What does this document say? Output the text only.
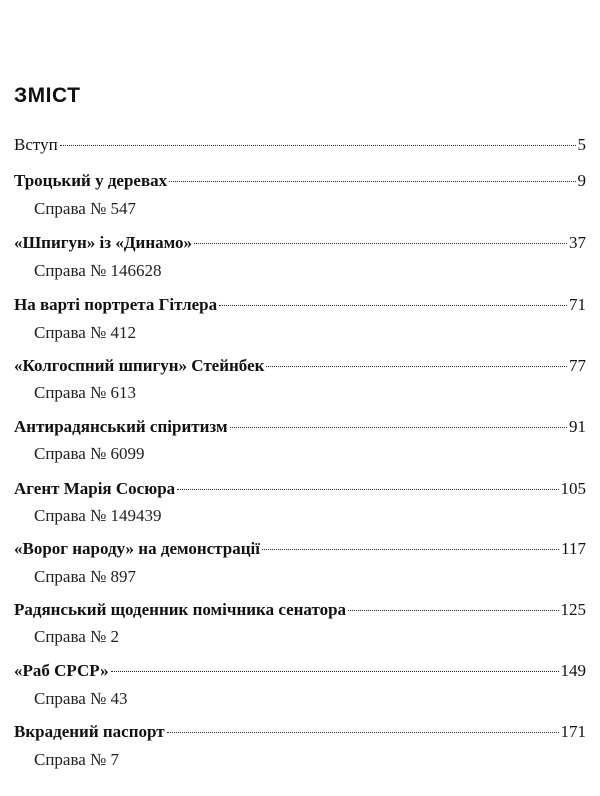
ЗМІСТ
Вступ	5
Троцький у деревах	9
Справа № 547
«Шпигун» із «Динамо»	37
Справа № 146628
На варті портрета Гітлера	71
Справа № 412
«Колгоспний шпигун» Стейнбек	77
Справа № 613
Антирадянський спіритизм	91
Справа № 6099
Агент Марія Сосюра	105
Справа № 149439
«Ворог народу» на демонстрації	117
Справа № 897
Радянський щоденник помічника сенатора	125
Справа № 2
«Раб СРСР»	149
Справа № 43
Вкрадений паспорт	171
Справа № 7
